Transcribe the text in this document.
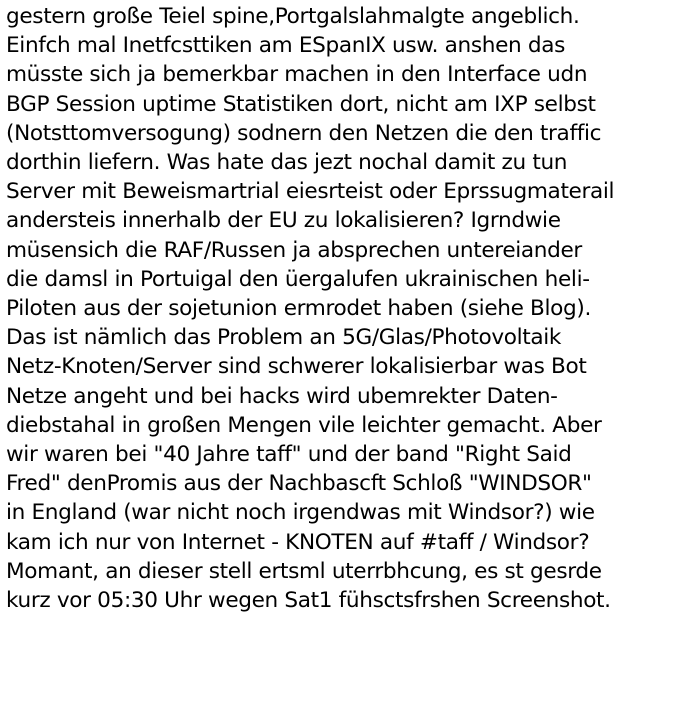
gestern große Teiel spine,Portgalslahmalgte angeblich.
Einfch mal Inetfcsttiken am ESpanIX usw. anshen das
müsste sich ja bemerkbar machen in den Interface udn
BGP Session uptime Statistiken dort, nicht am IXP selbst
(Notsttomversogung) sodnern den Netzen die den traffic
dorthin liefern. Was hate das jezt nochal damit zu tun
Server mit Beweismartrial eiesrteist oder Eprssugmaterail
andersteis innerhalb der EU zu lokalisieren? Igrndwie
müsensich die RAF/Russen ja absprechen untereiander
die damsl in Portuigal den üergalufen ukrainischen heli-
Piloten aus der sojetunion ermrodet haben (siehe Blog).
Das ist nämlich das Problem an 5G/Glas/Photovoltaik
Netz-Knoten/Server sind schwerer lokalisierbar was Bot
Netze angeht und bei hacks wird ubemrekter Daten-
diebstahal in großen Mengen vile leichter gemacht. Aber
wir waren bei "40 Jahre taff" und der band "Right Said
Fred" denPromis aus der Nachbascft Schloß "WINDSOR"
in England (war nicht noch irgendwas mit Windsor?) wie
kam ich nur von Internet - KNOTEN auf #taff / Windsor?
Momant, an dieser stell ertsml uterrbhcung, es st gesrde
kurz vor 05:30 Uhr wegen Sat1 fühsctsfrshen Screenshot.
